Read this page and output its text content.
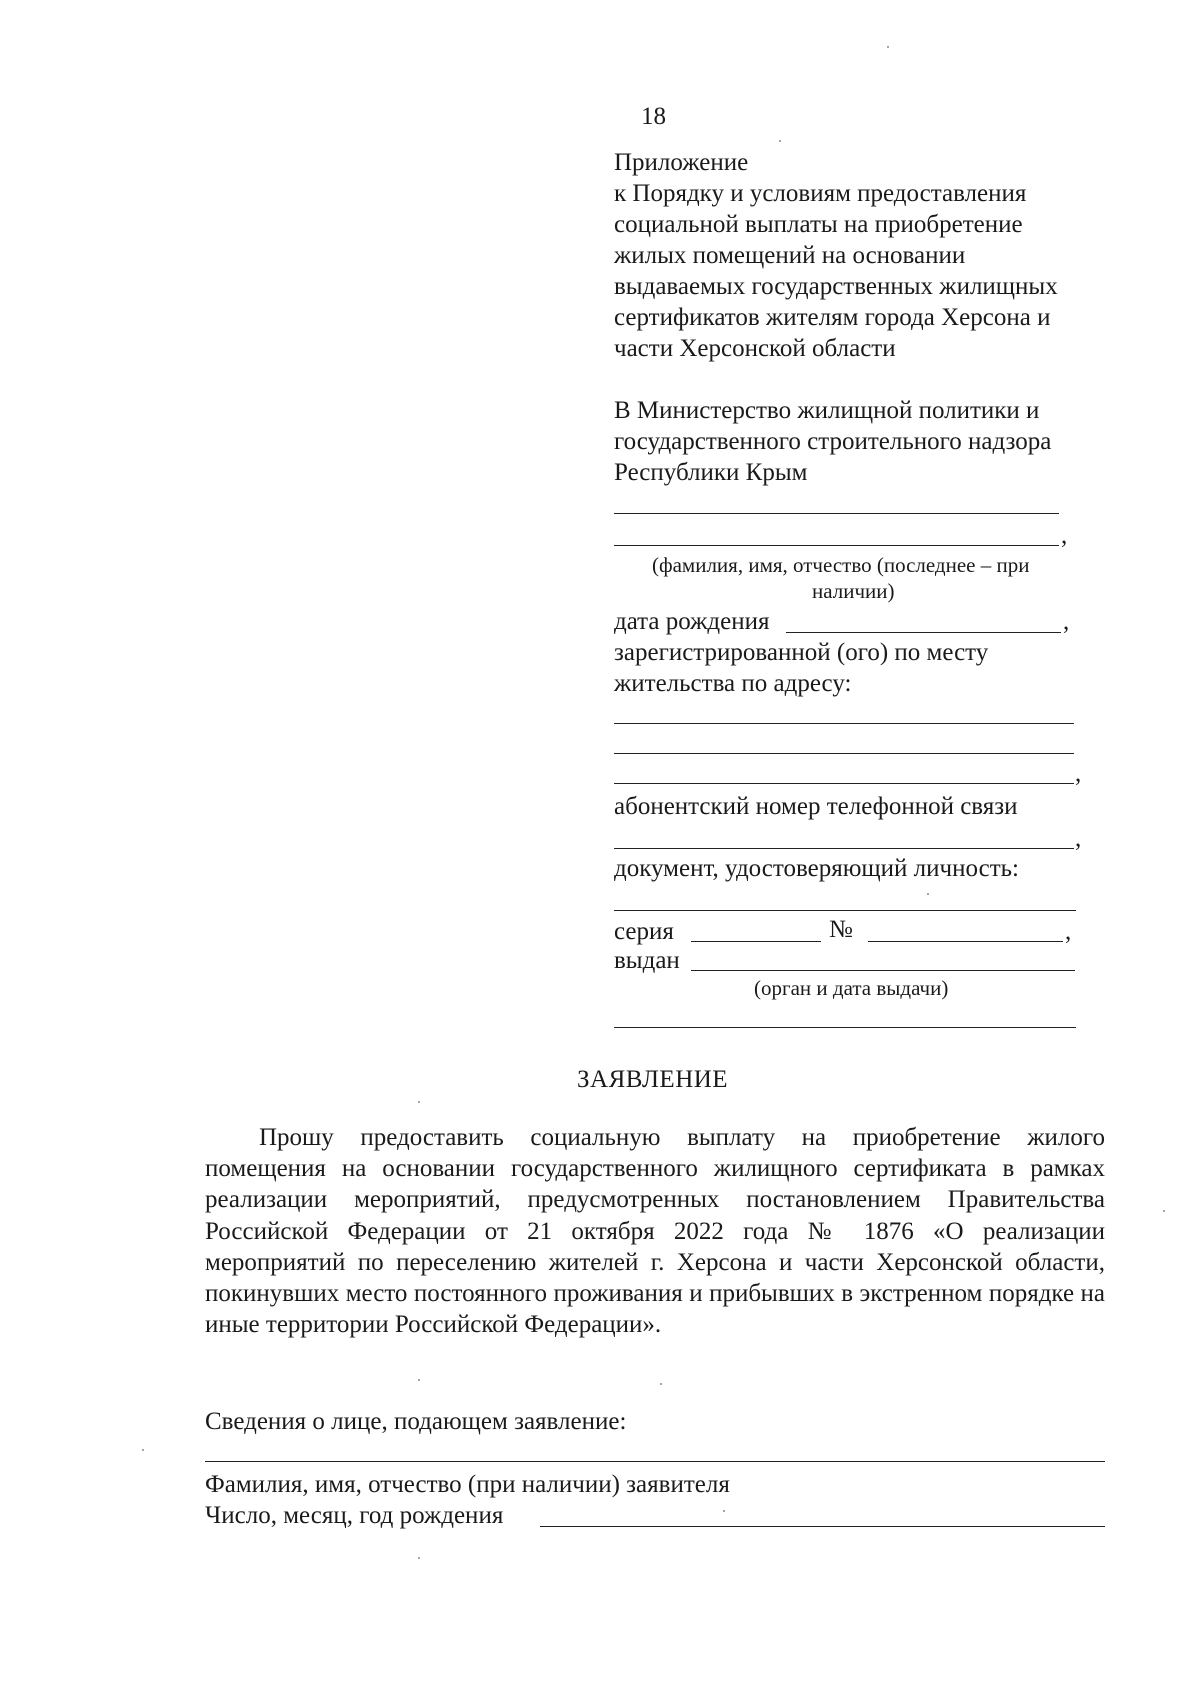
18
Приложение
к Порядку и условиям предоставления
социальной выплаты на приобретение
жилых помещений на основании
выдаваемых государственных жилищных
сертификатов жителям города Херсона и
части Херсонской области
В Министерство жилищной политики и
государственного строительного надзора
Республики Крым
,
(фамилия, имя, отчество (последнее – при
наличии)
дата рождения	,
зарегистрированной (ого) по месту
жительства по адресу:
,
абонентский номер телефонной связи
,
документ, удостоверяющий личность:
серия	№	,
выдан
(орган и дата выдачи)
ЗАЯВЛЕНИЕ
Прошу предоставить социальную выплату на приобретение жилого помещения на основании государственного жилищного сертификата в рамках реализации мероприятий, предусмотренных постановлением Правительства Российской Федерации от 21 октября 2022 года № 1876 «О реализации мероприятий по переселению жителей г. Херсона и части Херсонской области, покинувших место постоянного проживания и прибывших в экстренном порядке на иные территории Российской Федерации».
Сведения о лице, подающем заявление:
Фамилия, имя, отчество (при наличии) заявителя
Число, месяц, год рождения
